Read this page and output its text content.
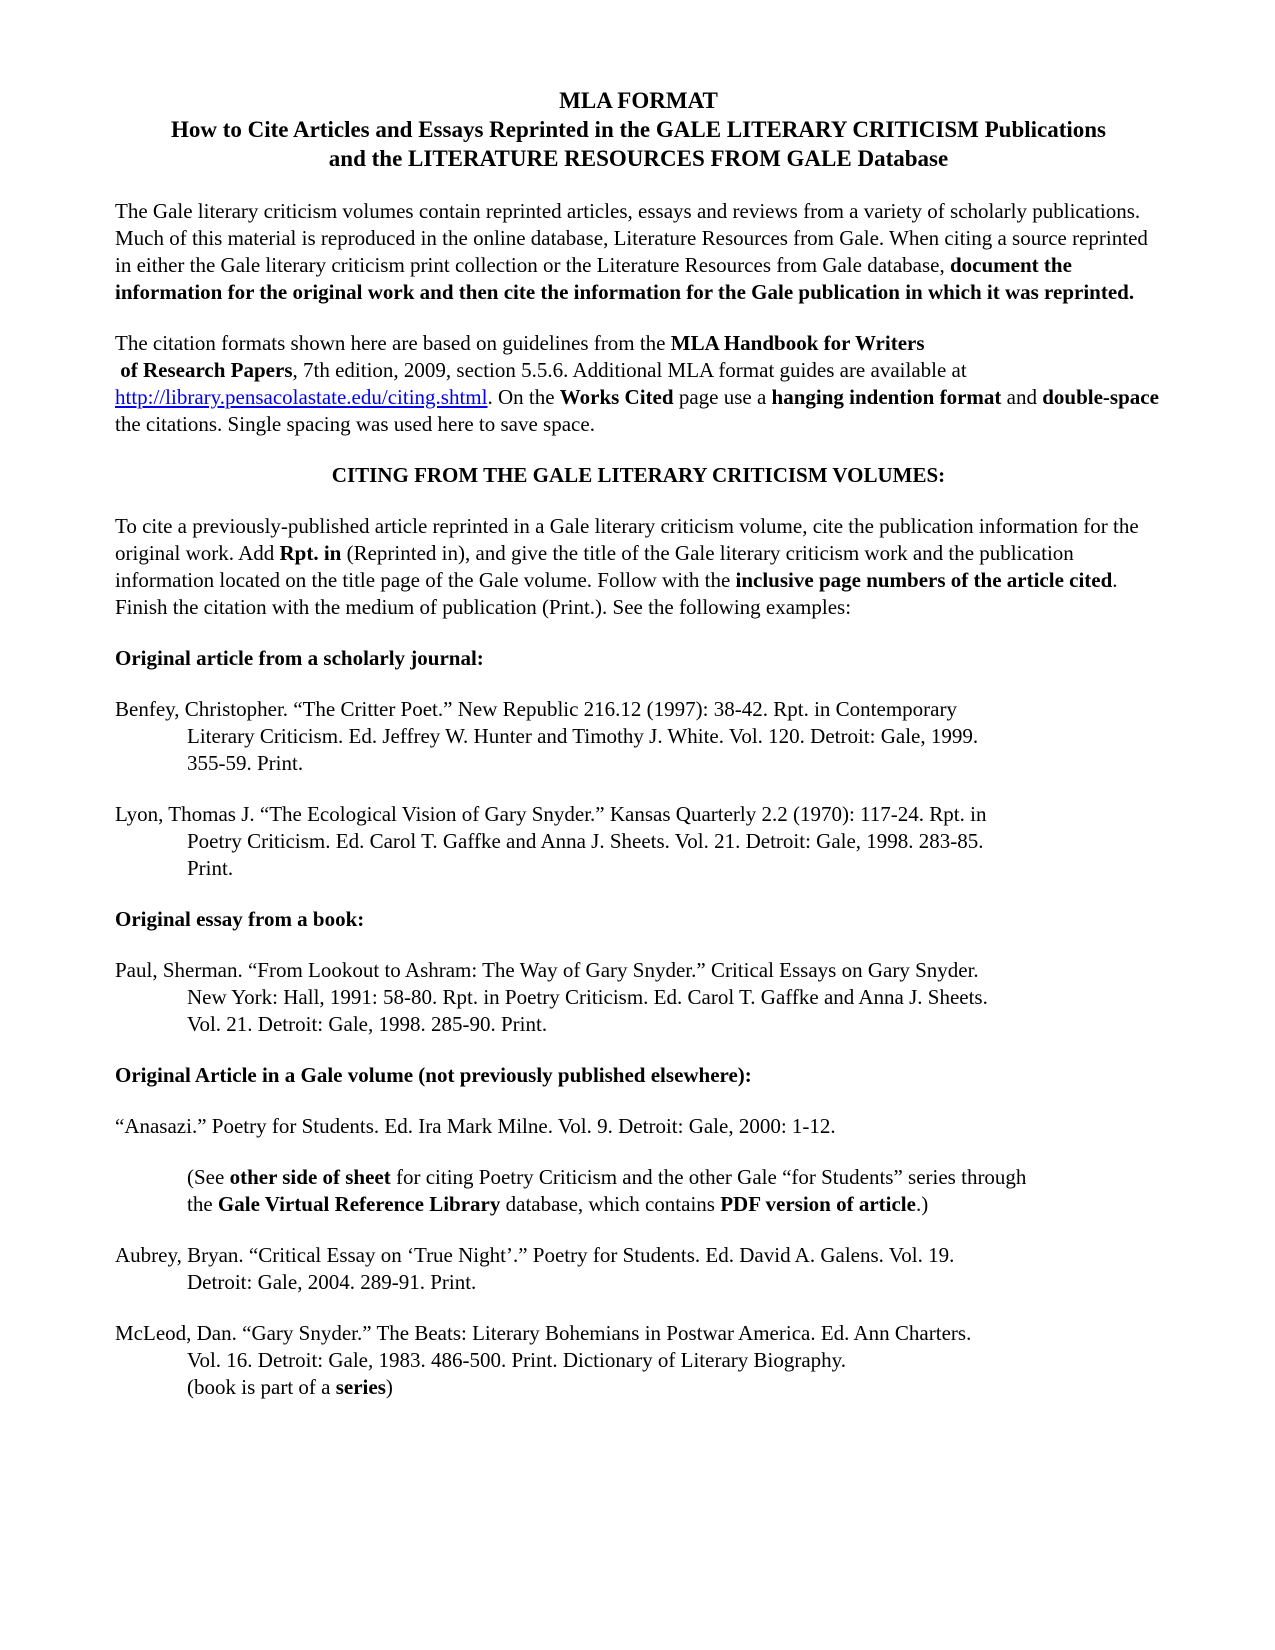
MLA FORMAT
How to Cite Articles and Essays Reprinted in the GALE LITERARY CRITICISM Publications
and the LITERATURE RESOURCES FROM GALE Database
The Gale literary criticism volumes contain reprinted articles, essays and reviews from a variety of scholarly publications. Much of this material is reproduced in the online database, Literature Resources from Gale. When citing a source reprinted in either the Gale literary criticism print collection or the Literature Resources from Gale database, document the information for the original work and then cite the information for the Gale publication in which it was reprinted.
The citation formats shown here are based on guidelines from the MLA Handbook for Writers
of Research Papers, 7th edition, 2009, section 5.5.6. Additional MLA format guides are available at http://library.pensacolastate.edu/citing.shtml. On the Works Cited page use a hanging indention format and double-space the citations. Single spacing was used here to save space.
CITING FROM THE GALE LITERARY CRITICISM VOLUMES:
To cite a previously-published article reprinted in a Gale literary criticism volume, cite the publication information for the original work. Add Rpt. in (Reprinted in), and give the title of the Gale literary criticism work and the publication information located on the title page of the Gale volume. Follow with the inclusive page numbers of the article cited. Finish the citation with the medium of publication (Print.). See the following examples:
Original article from a scholarly journal:
Benfey, Christopher. “The Critter Poet.” New Republic 216.12 (1997): 38-42. Rpt. in Contemporary
Literary Criticism. Ed. Jeffrey W. Hunter and Timothy J. White. Vol. 120. Detroit: Gale, 1999.
355-59. Print.
Lyon, Thomas J. “The Ecological Vision of Gary Snyder.” Kansas Quarterly 2.2 (1970): 117-24. Rpt. in
Poetry Criticism. Ed. Carol T. Gaffke and Anna J. Sheets. Vol. 21. Detroit: Gale, 1998. 283-85.
Print.
Original essay from a book:
Paul, Sherman. “From Lookout to Ashram: The Way of Gary Snyder.” Critical Essays on Gary Snyder.
New York: Hall, 1991: 58-80. Rpt. in Poetry Criticism. Ed. Carol T. Gaffke and Anna J. Sheets.
Vol. 21. Detroit: Gale, 1998. 285-90. Print.
Original Article in a Gale volume (not previously published elsewhere):
“Anasazi.” Poetry for Students. Ed. Ira Mark Milne. Vol. 9. Detroit: Gale, 2000: 1-12.
(See other side of sheet for citing Poetry Criticism and the other Gale “for Students” series through
the Gale Virtual Reference Library database, which contains PDF version of article.)
Aubrey, Bryan. “Critical Essay on ‘True Night’.” Poetry for Students. Ed. David A. Galens. Vol. 19.
Detroit: Gale, 2004. 289-91. Print.
McLeod, Dan. “Gary Snyder.” The Beats: Literary Bohemians in Postwar America. Ed. Ann Charters.
Vol. 16. Detroit: Gale, 1983. 486-500. Print. Dictionary of Literary Biography.
(book is part of a series)
